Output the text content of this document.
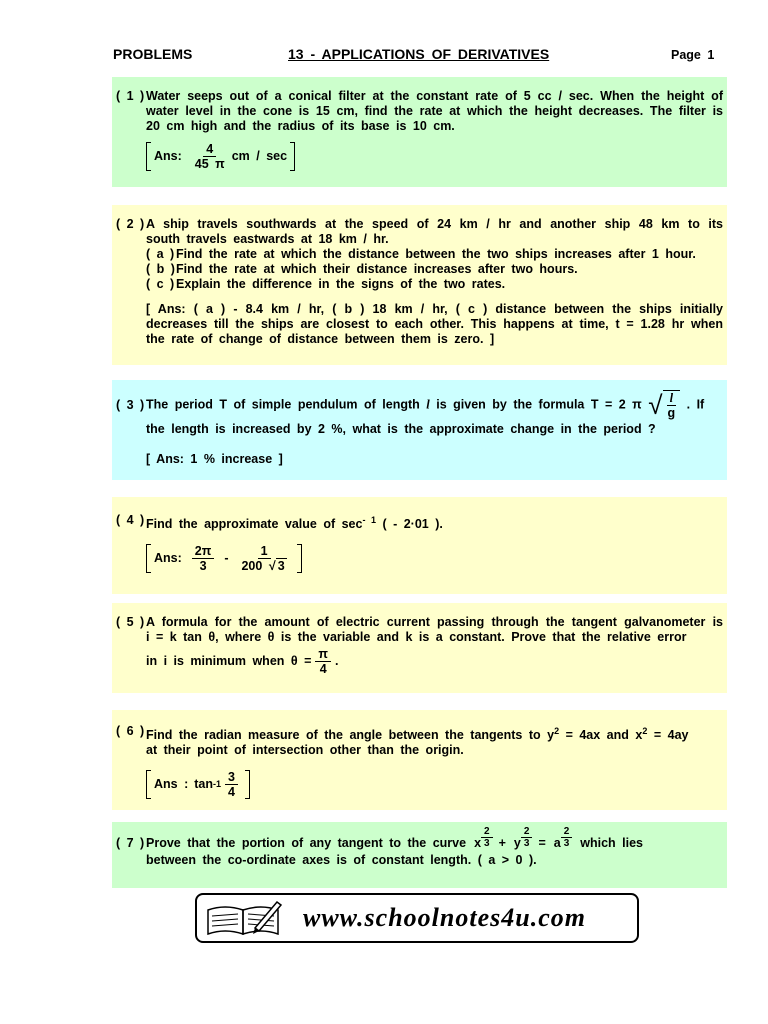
PROBLEMS	13 - APPLICATIONS OF DERIVATIVES	Page 1
( 1 ) Water seeps out of a conical filter at the constant rate of 5 cc / sec. When the height of water level in the cone is 15 cm, find the rate at which the height decreases. The filter is 20 cm high and the radius of its base is 10 cm.
Ans: $\frac{4}{45 \pi}$ cm / sec
( 2 ) A ship travels southwards at the speed of 24 km / hr and another ship 48 km to its south travels eastwards at 18 km / hr.
( a ) Find the rate at which the distance between the two ships increases after 1 hour.
( b ) Find the rate at which their distance increases after two hours.
( c ) Explain the difference in the signs of the two rates.
[ Ans: ( a ) - 8.4 km / hr, ( b ) 18 km / hr, ( c ) distance between the ships initially decreases till the ships are closest to each other. This happens at time, t = 1.28 hr when the rate of change of distance between them is zero. ]
( 3 ) The period T of simple pendulum of length l is given by the formula T = 2 π √ $\frac{l}{g}$ . If
the length is increased by 2 %, what is the approximate change in the period ?
[ Ans: 1 % increase ]
( 4 ) Find the approximate value of $\sec^{- 1}$ ( - 2·01 ).
Ans: $\frac{2\pi}{3} - \frac{1}{200 √ 3}$
( 5 ) A formula for the amount of electric current passing through the tangent galvanometer is i = k tan θ, where θ is the variable and k is a constant. Prove that the relative error
in i is minimum when $\theta = \frac{\pi}{4}$ .
( 6 ) Find the radian measure of the angle between the tangents to $y^2 = 4ax$ and $x^2 = 4ay$
at their point of intersection other than the origin.
Ans : $\tan -1 \frac{3}{4}$
( 7 ) Prove that the portion of any tangent to the curve x $\frac{2}{3} + y \frac{2}{3} = a \frac{2}{3}$ which lies
between the co-ordinate axes is of constant length. ( a > 0 ).
www.schoolnotes4u.com
